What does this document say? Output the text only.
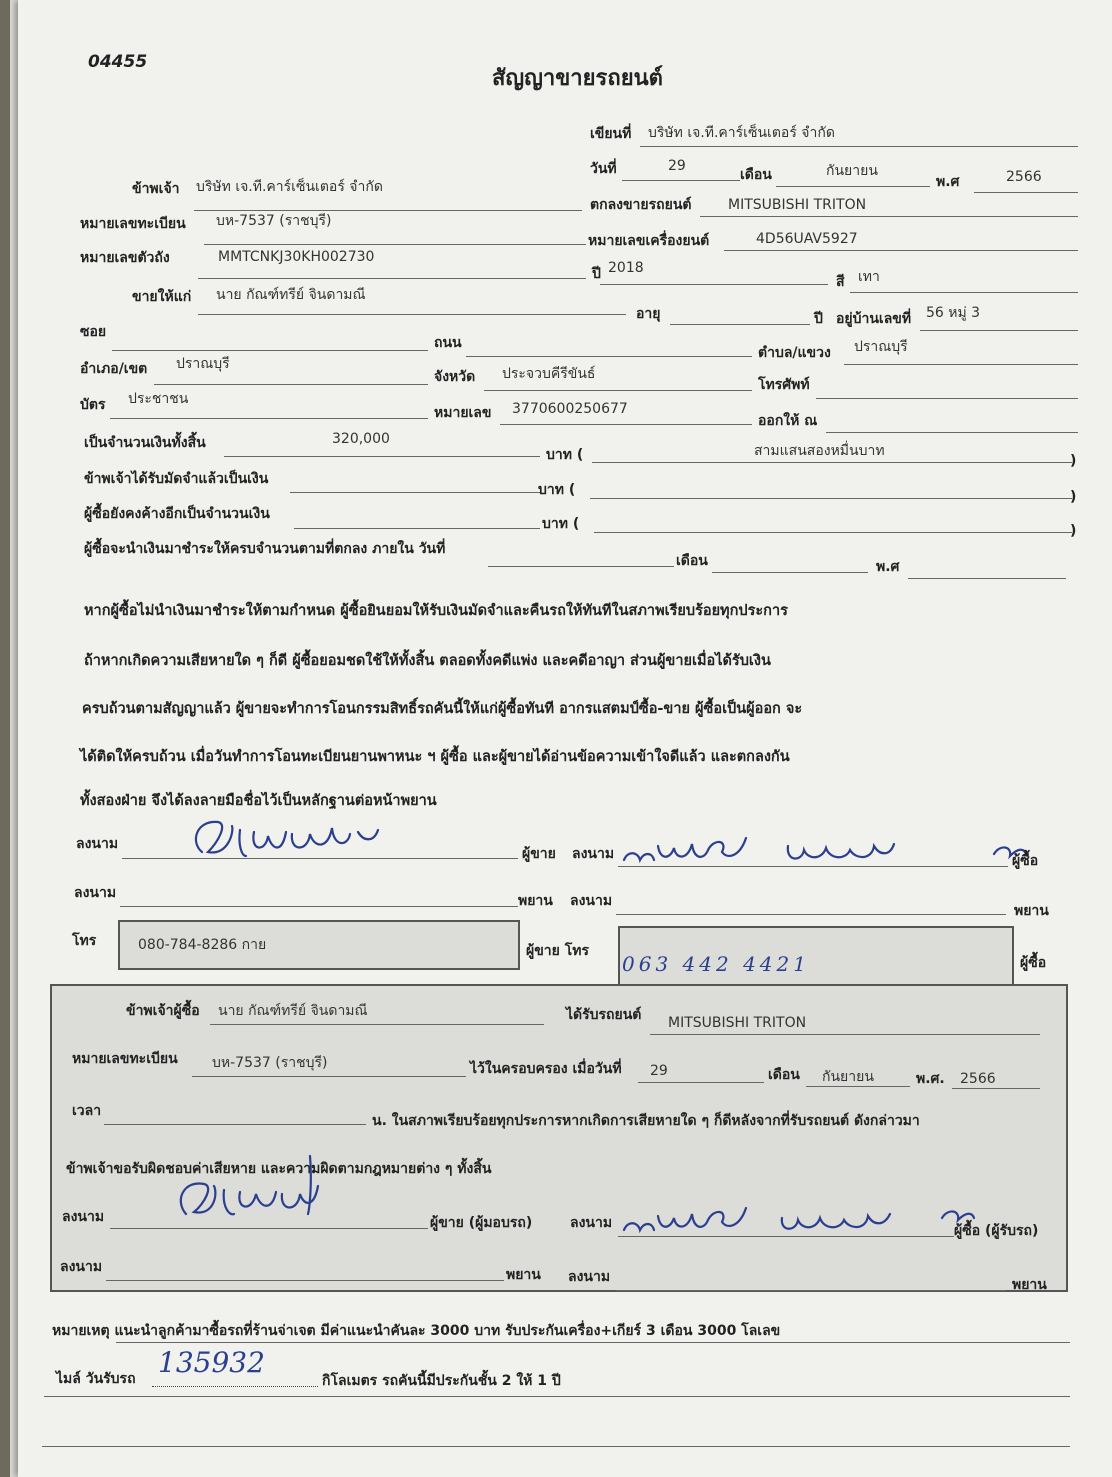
04455
สัญญาขายรถยนต์
เขียนที่ บริษัท เจ.ที.คาร์เซ็นเตอร์ จำกัด
วันที่	29
เดือน	กันยายน
พ.ศ	2566
ข้าพเจ้า บริษัท เจ.ที.คาร์เซ็นเตอร์ จำกัด
ตกลงขายรถยนต์	MITSUBISHI TRITON
หมายเลขทะเบียน บห-7537 (ราชบุรี)
หมายเลขเครื่องยนต์	4D56UAV5927
หมายเลขตัวถัง	MMTCNKJ30KH002730
ปี 2018
สี เทา
ขายให้แก่ นาย กัณฑ์ทรีย์ จินดามณี
อายุ	ปี อยู่บ้านเลขที่ 56 หมู่ 3
ซอย
ถนน
ตำบล/แขวง ปราณบุรี
อำเภอ/เขต ปราณบุรี
จังหวัด ประจวบคีรีขันธ์
โทรศัพท์
บัตร ประชาชน
หมายเลข 3770600250677
ออกให้ ณ
เป็นจำนวนเงินทั้งสิ้น	320,000
บาท (	สามแสนสองหมื่นบาท
)
ข้าพเจ้าได้รับมัดจำแล้วเป็นเงิน
บาท (	)
ผู้ซื้อยังคงค้างอีกเป็นจำนวนเงิน
บาท (	)
ผู้ซื้อจะนำเงินมาชำระให้ครบจำนวนตามที่ตกลง ภายใน วันที่
เดือน	พ.ศ
หากผู้ซื้อไม่นำเงินมาชำระให้ตามกำหนด ผู้ซื้อยินยอมให้รับเงินมัดจำและคืนรถให้ทันทีในสภาพเรียบร้อยทุกประการ
ถ้าหากเกิดความเสียหายใด ๆ ก็ดี ผู้ซื้อยอมชดใช้ให้ทั้งสิ้น ตลอดทั้งคดีแพ่ง และคดีอาญา ส่วนผู้ขายเมื่อได้รับเงิน
ครบถ้วนตามสัญญาแล้ว ผู้ขายจะทำการโอนกรรมสิทธิ์รถคันนี้ให้แก่ผู้ซื้อทันที อากรแสตมป์ซื้อ-ขาย ผู้ซื้อเป็นผู้ออก จะ
ได้ติดให้ครบถ้วน เมื่อวันทำการโอนทะเบียนยานพาหนะ ฯ ผู้ซื้อ และผู้ขายได้อ่านข้อความเข้าใจดีแล้ว และตกลงกัน
ทั้งสองฝ่าย จึงได้ลงลายมือชื่อไว้เป็นหลักฐานต่อหน้าพยาน
ลงนาม
ผู้ขาย ลงนาม	ผู้ซื้อ
ลงนาม	พยาน ลงนาม
พยาน
โทร	080-784-8286 กาย	ผู้ขาย โทร
063 442 4421	ผู้ซื้อ
ข้าพเจ้าผู้ซื้อ นาย กัณฑ์ทรีย์ จินดามณี	ได้รับรถยนต์ MITSUBISHI TRITON
หมายเลขทะเบียน บห-7537 (ราชบุรี)	ไว้ในครอบครอง เมื่อวันที่ 29	เดือน กันยายน	พ.ศ. 2566
เวลา
น. ในสภาพเรียบร้อยทุกประการหากเกิดการเสียหายใด ๆ ก็ดีหลังจากที่รับรถยนต์ ดังกล่าวมา
ข้าพเจ้าขอรับผิดชอบค่าเสียหาย และความผิดตามกฎหมายต่าง ๆ ทั้งสิ้น
ลงนาม	ผู้ขาย (ผู้มอบรถ)	ลงนาม	ผู้ซื้อ (ผู้รับรถ)
ลงนาม	พยาน ลงนาม	พยาน
หมายเหตุ แนะนำลูกค้ามาซื้อรถที่ร้านจ่าเจต มีค่าแนะนำคันละ 3000 บาท รับประกันเครื่อง+เกียร์ 3 เดือน 3000 โลเลข
ไมล์ วันรับรถ 135932
กิโลเมตร รถคันนี้มีประกันชั้น 2 ให้ 1 ปี
